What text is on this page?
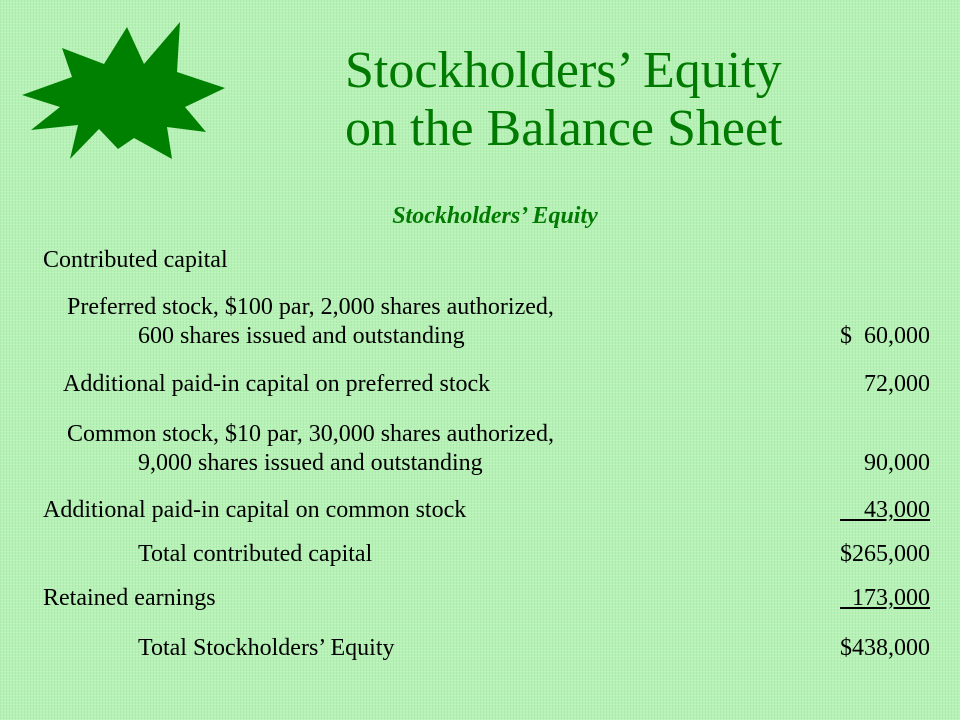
Stockholders’ Equity
on the Balance Sheet
Stockholders’ Equity
Contributed capital
Preferred stock, $100 par, 2,000 shares authorized,
600 shares issued and outstanding	$  60,000
Additional paid-in capital on preferred stock	72,000
Common stock, $10 par, 30,000 shares authorized,
9,000 shares issued and outstanding	90,000
Additional paid-in capital on common stock	43,000
Total contributed capital	$265,000
Retained earnings	173,000
Total Stockholders’ Equity	$438,000
